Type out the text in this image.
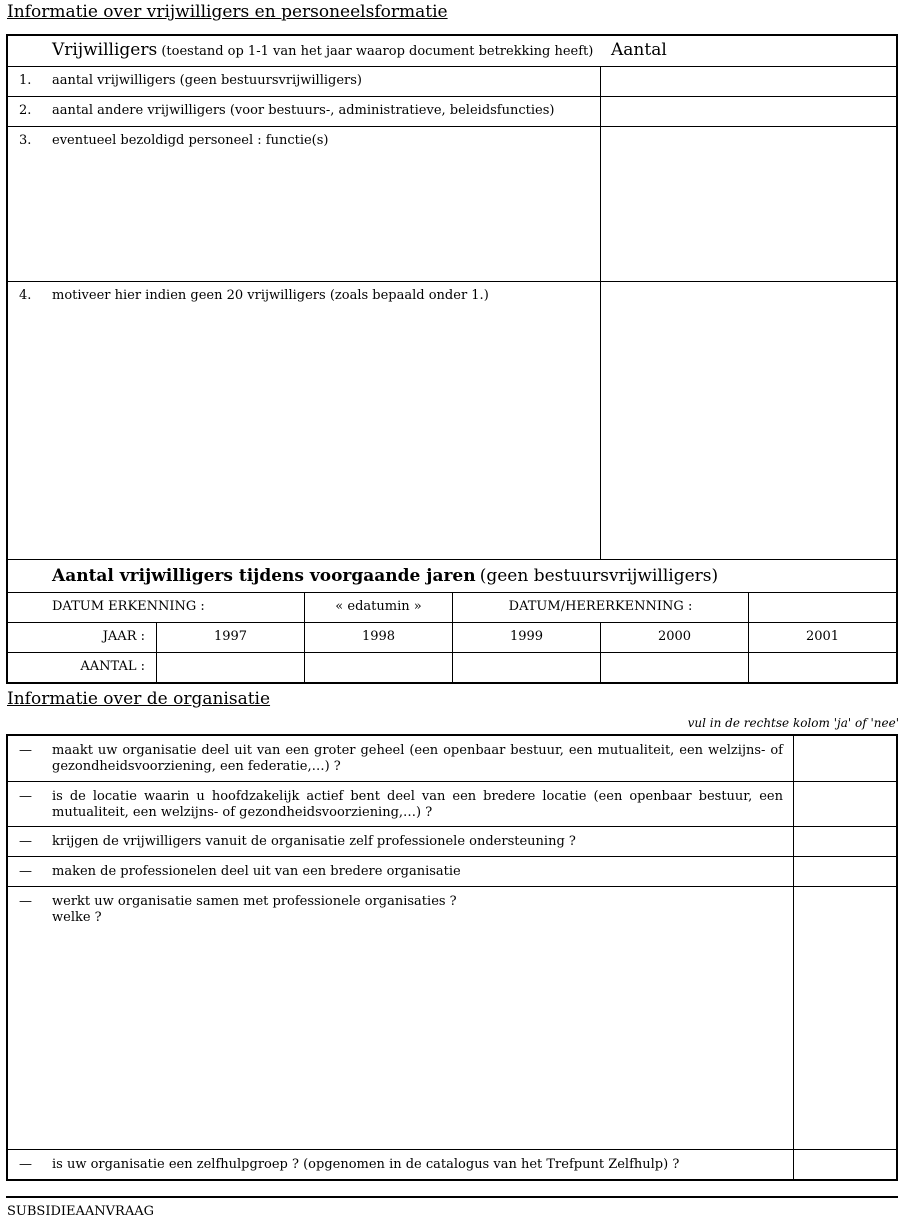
Informatie over vrijwilligers en personeelsformatie
Vrijwilligers (toestand op 1-1 van het jaar waarop document betrekking heeft) Aantal
1. aantal vrijwilligers (geen bestuursvrijwilligers)
2. aantal andere vrijwilligers (voor bestuurs-, administratieve, beleidsfuncties)
3. eventueel bezoldigd personeel : functie(s)
4. motiveer hier indien geen 20 vrijwilligers (zoals bepaald onder 1.)
Aantal vrijwilligers tijdens voorgaande jaren (geen bestuursvrijwilligers)
DATUM ERKENNING :	« edatumin »	DATUM/HERERKENNING :
JAAR :	1997	1998	1999	2000	2001
AANTAL :
Informatie over de organisatie
vul in de rechtse kolom 'ja' of 'nee'
— maakt uw organisatie deel uit van een groter geheel (een openbaar bestuur, een mutualiteit, een welzijns- of gezondheidsvoorziening, een federatie,…) ?
— is de locatie waarin u hoofdzakelijk actief bent deel van een bredere locatie (een openbaar bestuur, een mutualiteit, een welzijns- of gezondheidsvoorziening,…) ?
— krijgen de vrijwilligers vanuit de organisatie zelf professionele ondersteuning ?
— maken de professionelen deel uit van een bredere organisatie
— werkt uw organisatie samen met professionele organisaties ?
welke ?
— is uw organisatie een zelfhulpgroep ? (opgenomen in de catalogus van het Trefpunt Zelfhulp) ?
SUBSIDIEAANVRAAG
